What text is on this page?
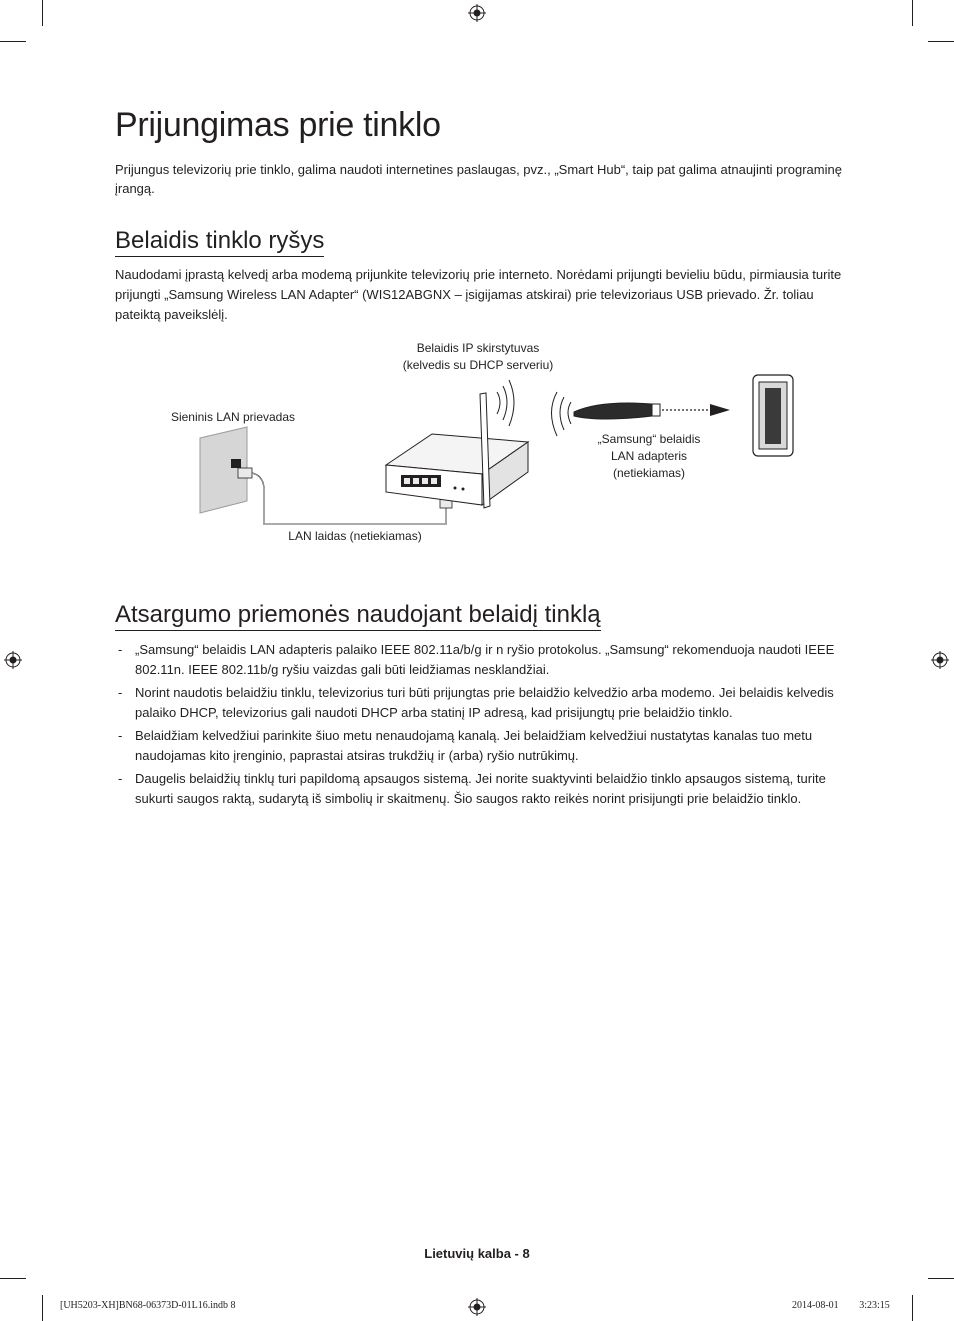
Prijungimas prie tinklo

Prijungus televizorių prie tinklo, galima naudoti internetines paslaugas, pvz., „Smart Hub“, taip pat galima atnaujinti programinę įrangą.

Belaidis tinklo ryšys

Naudodami įprastą kelvedį arba modemą prijunkite televizorių prie interneto. Norėdami prijungti bevieliu būdu, pirmiausia turite prijungti „Samsung Wireless LAN Adapter“ (WIS12ABGNX – įsigijamas atskirai) prie televizoriaus USB prievado. Žr. toliau pateiktą paveikslėlį.

Belaidis IP skirstytuvas
(kelvedis su DHCP serveriu)
Sieninis LAN prievadas
LAN laidas (netiekiamas)
„Samsung“ belaidis
LAN adapteris
(netiekiamas)
Atsargumo priemonės naudojant belaidį tinklą
- „Samsung“ belaidis LAN adapteris palaiko IEEE 802.11a/b/g ir n ryšio protokolus. „Samsung“ rekomenduoja naudoti IEEE 802.11n. IEEE 802.11b/g ryšiu vaizdas gali būti leidžiamas nesklandžiai.
- Norint naudotis belaidžiu tinklu, televizorius turi būti prijungtas prie belaidžio kelvedžio arba modemo. Jei belaidis kelvedis palaiko DHCP, televizorius gali naudoti DHCP arba statinį IP adresą, kad prisijungtų prie belaidžio tinklo.
- Belaidžiam kelvedžiui parinkite šiuo metu nenaudojamą kanalą. Jei belaidžiam kelvedžiui nustatytas kanalas tuo metu naudojamas kito įrenginio, paprastai atsiras trukdžių ir (arba) ryšio nutrūkimų.
- Daugelis belaidžių tinklų turi papildomą apsaugos sistemą. Jei norite suaktyvinti belaidžio tinklo apsaugos sistemą, turite sukurti saugos raktą, sudarytą iš simbolių ir skaitmenų. Šio saugos rakto reikės norint prisijungti prie belaidžio tinklo.
Lietuvių kalba - 8
[UH5203-XH]BN68-06373D-01L16.indb 8	2014-08-01 ￿￿ 3:23:15
